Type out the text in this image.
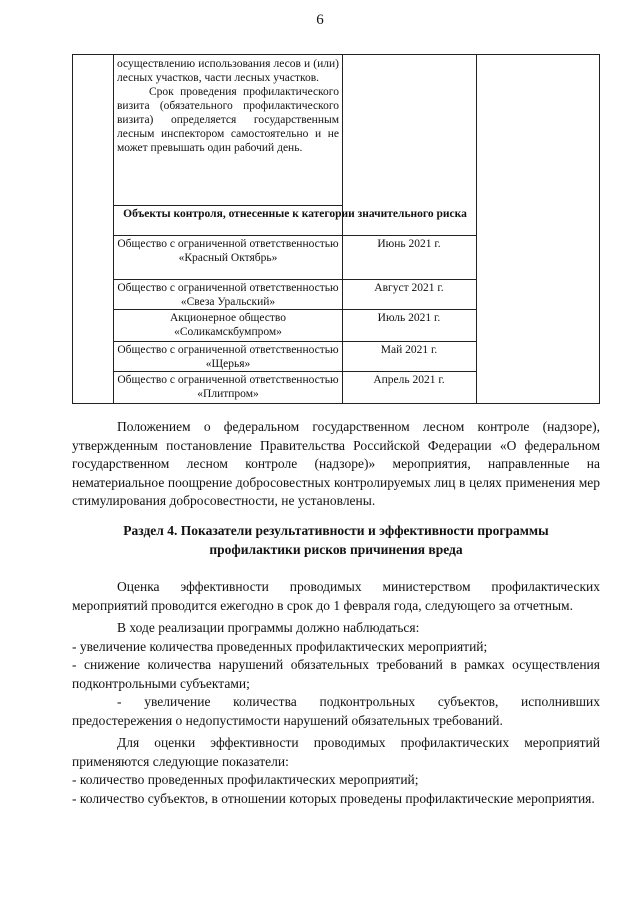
6

осуществлению использования лесов и (или) лесных участков, части лесных участков.

Срок проведения профилактического визита (обязательного профилактического визита) определяется государственным лесным инспектором самостоятельно и не может превышать один рабочий день.

Объекты контроля, отнесенные к категории значительного риска
Общество с ограниченной ответственностью «Красный Октябрь»
Июнь 2021 г.
Общество с ограниченной ответственностью «Свеза Уральский»
Август 2021 г.
Акционерное общество «Соликамскбумпром»
Июль 2021 г.
Общество с ограниченной ответственностью «Щерья»
Май 2021 г.
Общество с ограниченной ответственностью «Плитпром»
Апрель 2021 г.

Положением о федеральном государственном лесном контроле (надзоре), утвержденным постановление Правительства Российской Федерации «О федеральном государственном лесном контроле (надзоре)» мероприятия, направленные на нематериальное поощрение добросовестных контролируемых лиц в целях применения мер стимулирования добросовестности, не установлены.

Раздел 4. Показатели результативности и эффективности программы
профилактики рисков причинения вреда

Оценка эффективности проводимых министерством профилактических мероприятий проводится ежегодно в срок до 1 февраля года, следующего за отчетным.

В ходе реализации программы должно наблюдаться:

- увеличение количества проведенных профилактических мероприятий;

- снижение количества нарушений обязательных требований в рамках осуществления подконтрольными субъектами;

- увеличение количества подконтрольных субъектов, исполнивших предостережения о недопустимости нарушений обязательных требований.

Для оценки эффективности проводимых профилактических мероприятий применяются следующие показатели:

- количество проведенных профилактических мероприятий;

- количество субъектов, в отношении которых проведены профилактические мероприятия.
